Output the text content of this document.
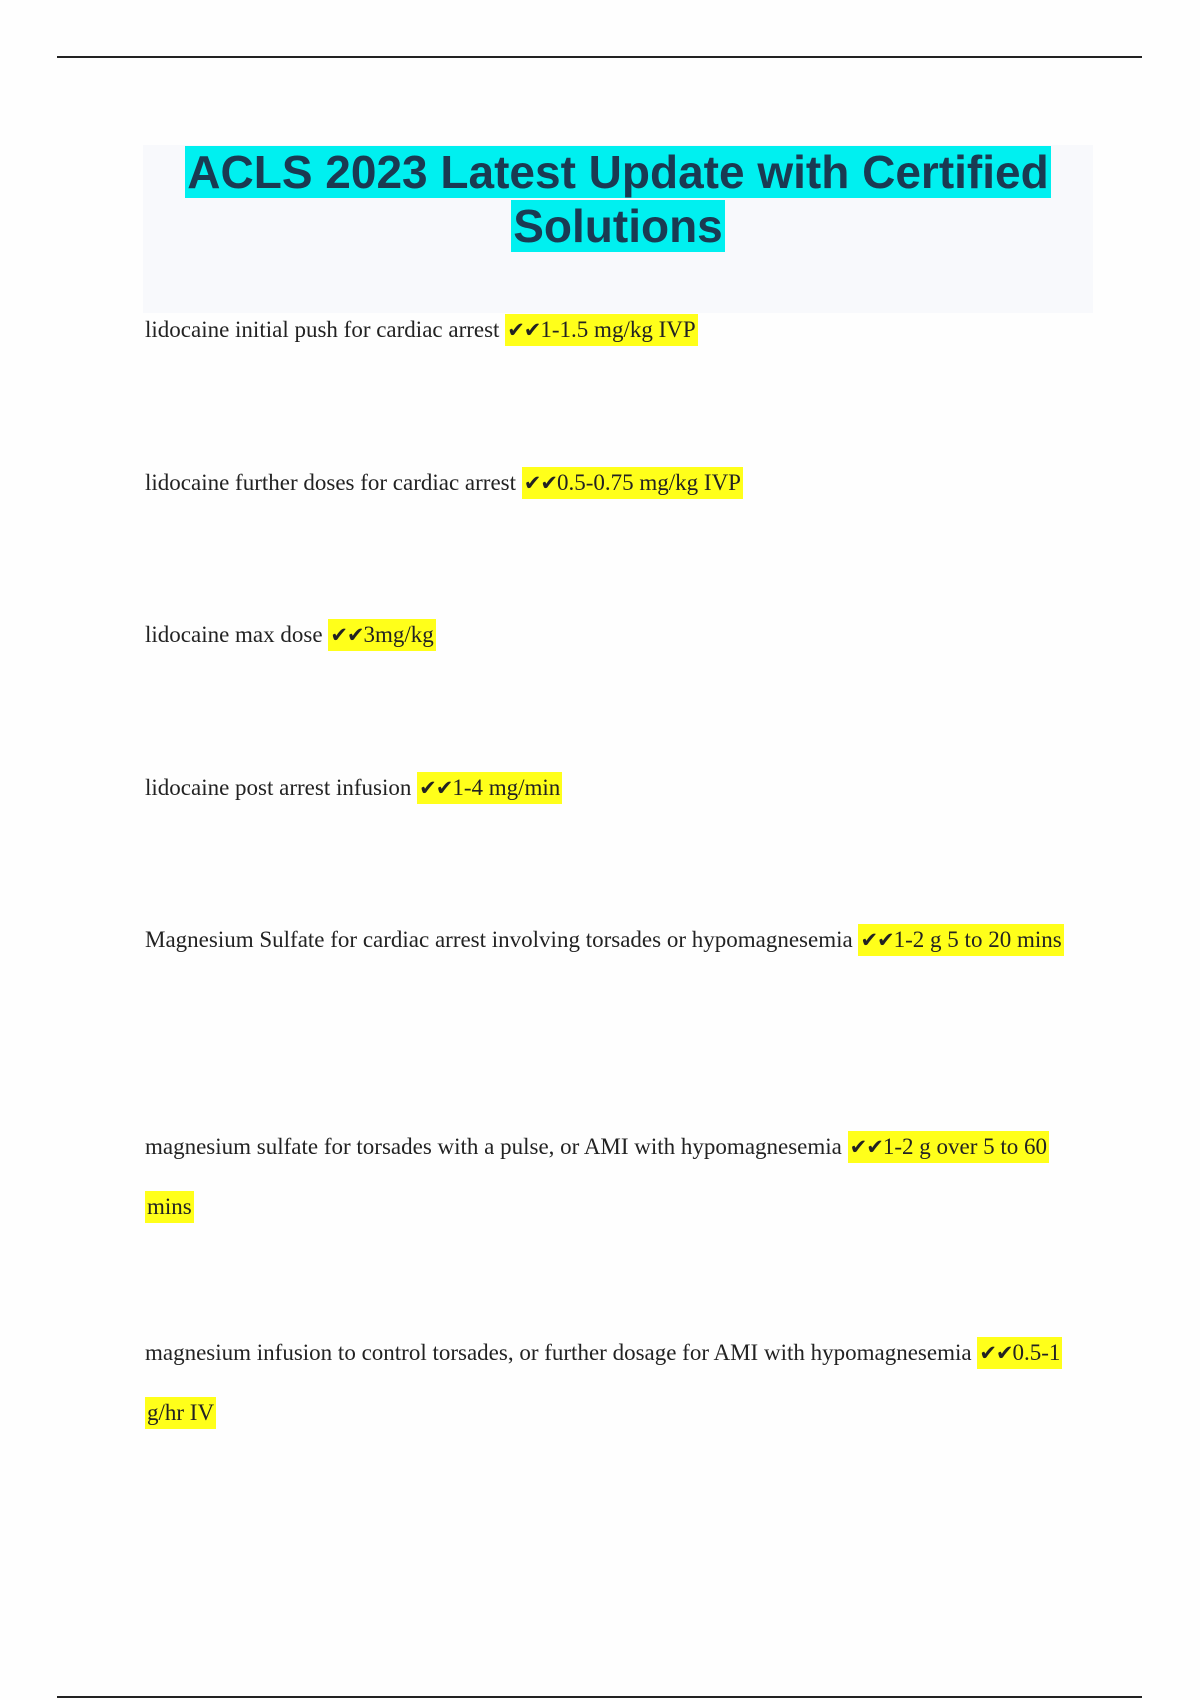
ACLS 2023 Latest Update with Certified Solutions

lidocaine initial push for cardiac arrest ✔✔1-1.5 mg/kg IVP

lidocaine further doses for cardiac arrest ✔✔0.5-0.75 mg/kg IVP

lidocaine max dose ✔✔3mg/kg

lidocaine post arrest infusion ✔✔1-4 mg/min

Magnesium Sulfate for cardiac arrest involving torsades or hypomagnesemia ✔✔1-2 g 5 to 20 mins

magnesium sulfate for torsades with a pulse, or AMI with hypomagnesemia ✔✔1-2 g over 5 to 60 mins

magnesium infusion to control torsades, or further dosage for AMI with hypomagnesemia ✔✔0.5-1 g/hr IV
